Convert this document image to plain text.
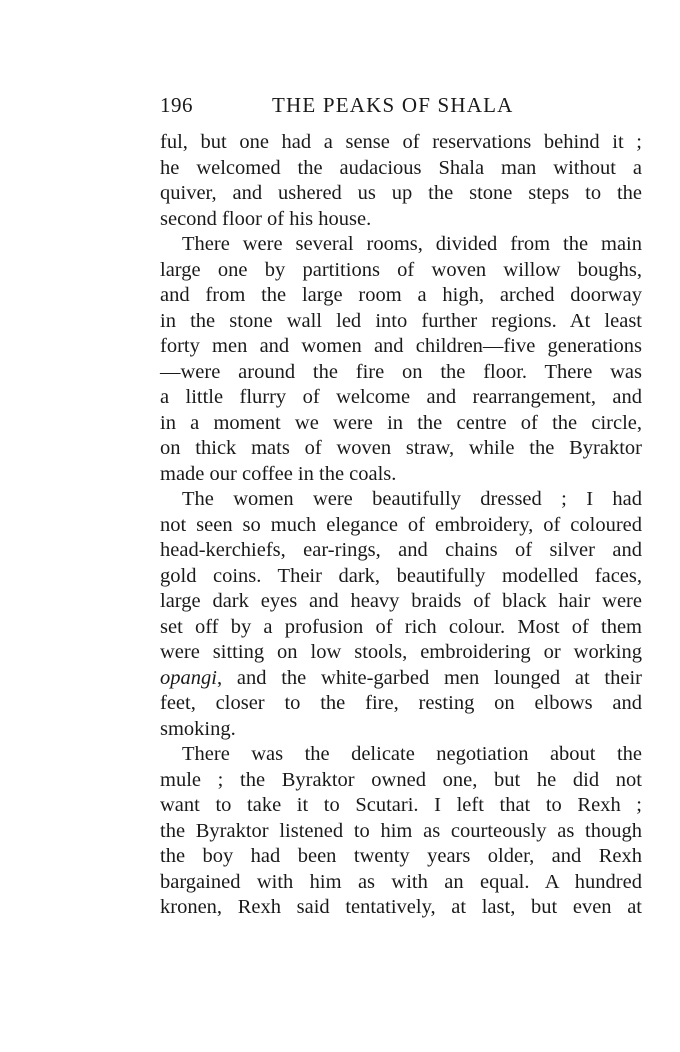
196	THE PEAKS OF SHALA
ful, but one had a sense of reservations behind it ;
he welcomed the audacious Shala man without a
quiver, and ushered us up the stone steps to the
second floor of his house.
There were several rooms, divided from the main
large one by partitions of woven willow boughs,
and from the large room a high, arched doorway
in the stone wall led into further regions. At least
forty men and women and children—five generations
—were around the fire on the floor. There was
a little flurry of welcome and rearrangement, and
in a moment we were in the centre of the circle,
on thick mats of woven straw, while the Byraktor
made our coffee in the coals.
The women were beautifully dressed ; I had
not seen so much elegance of embroidery, of coloured
head-kerchiefs, ear-rings, and chains of silver and
gold coins. Their dark, beautifully modelled faces,
large dark eyes and heavy braids of black hair were
set off by a profusion of rich colour. Most of them
were sitting on low stools, embroidering or working
opangi, and the white-garbed men lounged at their
feet, closer to the fire, resting on elbows and
smoking.
There was the delicate negotiation about the
mule ; the Byraktor owned one, but he did not
want to take it to Scutari. I left that to Rexh ;
the Byraktor listened to him as courteously as though
the boy had been twenty years older, and Rexh
bargained with him as with an equal. A hundred
kronen, Rexh said tentatively, at last, but even at
